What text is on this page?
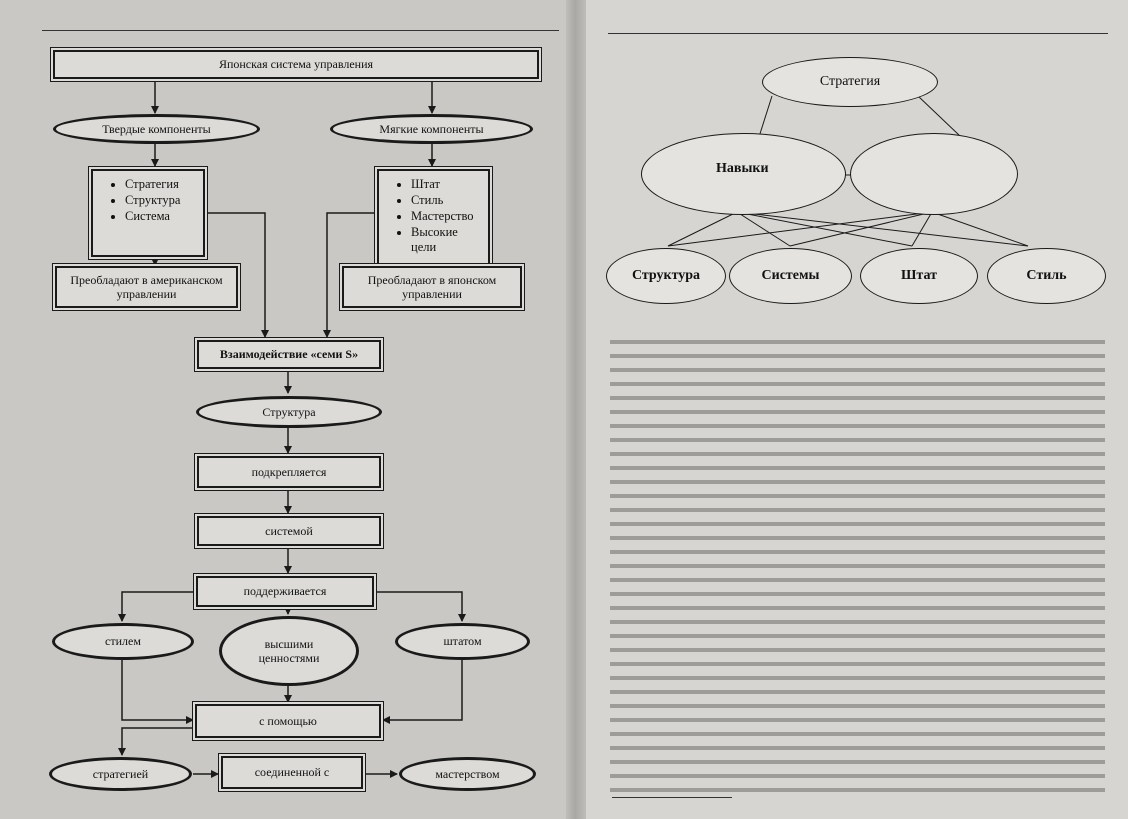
Японская система управления
Твердые компоненты	Мягкие компоненты
• Стратегия
• Структура
• Система
• Штат
• Стиль
• Мастерство
• Высокие цели
Преобладают в американском управлении
Преобладают в японском управлении
Взаимодействие «семи S»
Структура
подкрепляется
системой
поддерживается
стилем	высшими ценностями
штатом
с помощью
стратегией	соединенной с	мастерством
Стратегия
Навыки
Структура	Системы	Штат	Стиль
